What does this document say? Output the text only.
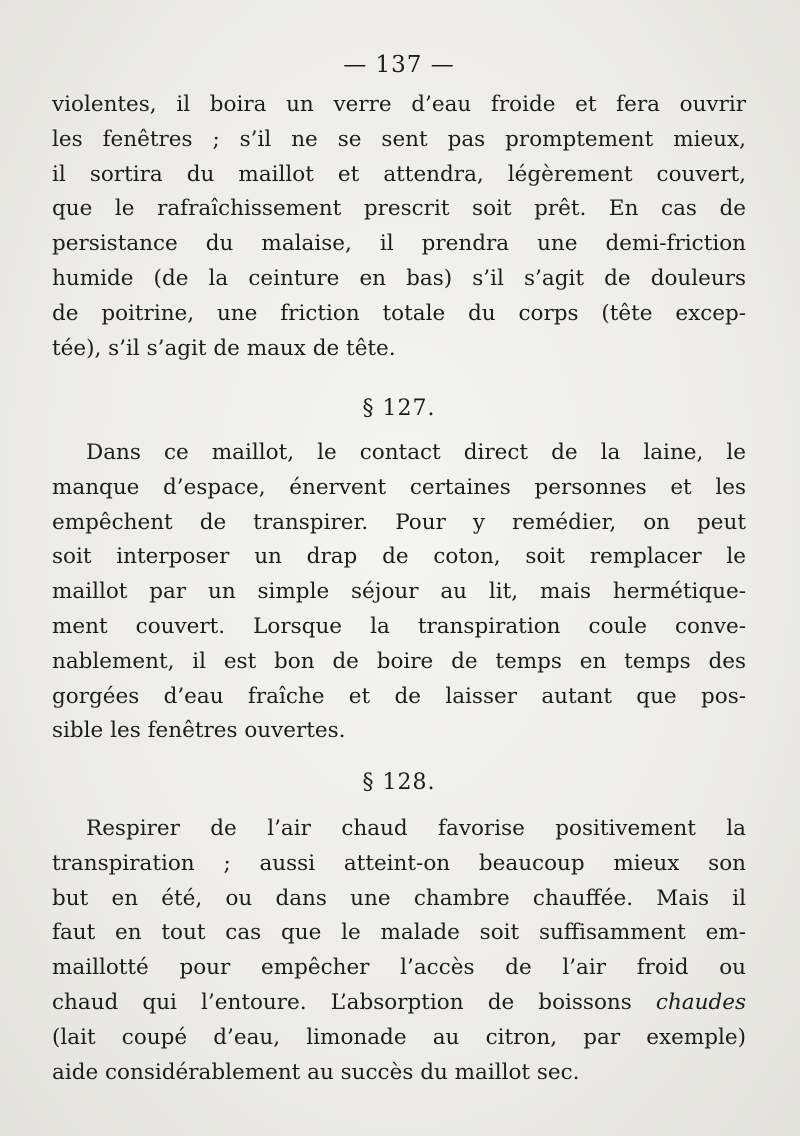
— 137 —
violentes, il boira un verre d’eau froide et fera ouvrir
les fenêtres ; s’il ne se sent pas promptement mieux,
il sortira du maillot et attendra, légèrement couvert,
que le rafraîchissement prescrit soit prêt. En cas de
persistance du malaise, il prendra une demi-friction
humide (de la ceinture en bas) s’il s’agit de douleurs
de poitrine, une friction totale du corps (tête excep-
tée), s’il s’agit de maux de tête.
§ 127.
Dans ce maillot, le contact direct de la laine, le
manque d’espace, énervent certaines personnes et les
empêchent de transpirer. Pour y remédier, on peut
soit interposer un drap de coton, soit remplacer le
maillot par un simple séjour au lit, mais hermétique-
ment couvert. Lorsque la transpiration coule conve-
nablement, il est bon de boire de temps en temps des
gorgées d’eau fraîche et de laisser autant que pos-
sible les fenêtres ouvertes.
§ 128.
Respirer de l’air chaud favorise positivement la
transpiration ; aussi atteint-on beaucoup mieux son
but en été, ou dans une chambre chauffée. Mais il
faut en tout cas que le malade soit suffisamment em-
maillotté pour empêcher l’accès de l’air froid ou
chaud qui l’entoure. L’absorption de boissons chaudes
(lait coupé d’eau, limonade au citron, par exemple)
aide considérablement au succès du maillot sec.
